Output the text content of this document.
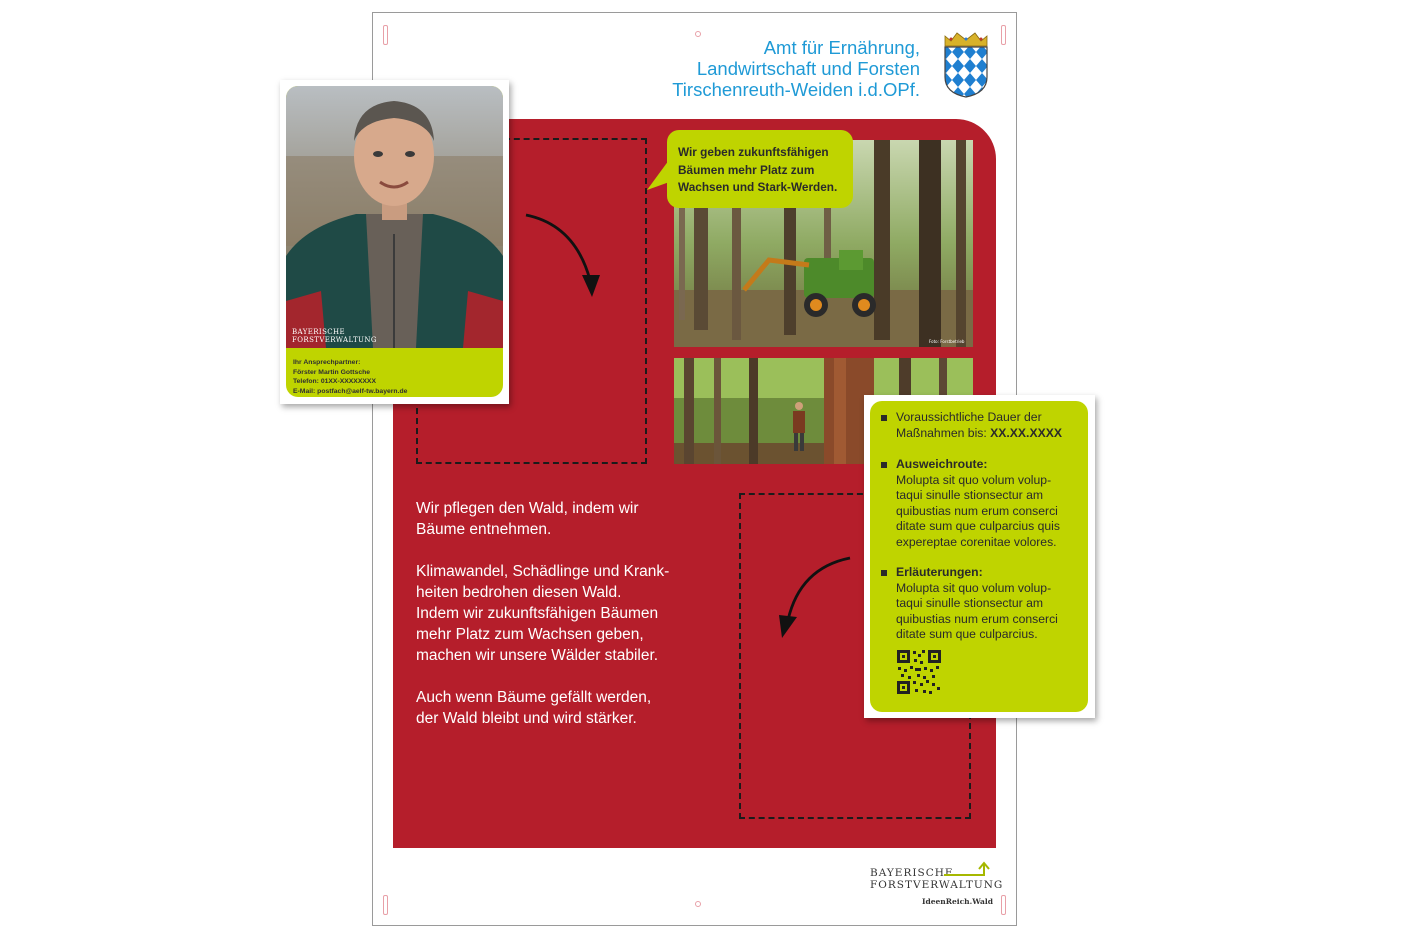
Amt für Ernährung,
Landwirtschaft und Forsten
Tirschenreuth-Weiden i.d.OPf.
Foto: Forstbetrieb
Wir geben zukunftsfähigen
Bäumen mehr Platz zum
Wachsen und Stark-Werden.

Wir pflegen den Wald, indem wir
Bäume entnehmen.

Klimawandel, Schädlinge und Krank-
heiten bedrohen diesen Wald.
Indem wir zukunftsfähigen Bäumen
mehr Platz zum Wachsen geben,
machen wir unsere Wälder stabiler.

Auch wenn Bäume gefällt werden,
der Wald bleibt und wird stärker.

BAYERISCHE
FORSTVERWALTUNG
Ihr Ansprechpartner:
Förster Martin Gottsche
Telefon: 01XX-XXXXXXXX
E-Mail: postfach@aelf-tw.bayern.de
Voraussichtliche Dauer der
Maßnahmen bis: XX.XX.XXXX
Ausweichroute:
Molupta sit quo volum volup-
taqui sinulle stionsectur am
quibustias num erum conserci
ditate sum que culparcius quis
expereptae corenitae volores.
Erläuterungen:
Molupta sit quo volum volup-
taqui sinulle stionsectur am
quibustias num erum conserci
ditate sum que culparcius.
BAYERISCHE
FORSTVERWALTUNG
IdeenReich.Wald
